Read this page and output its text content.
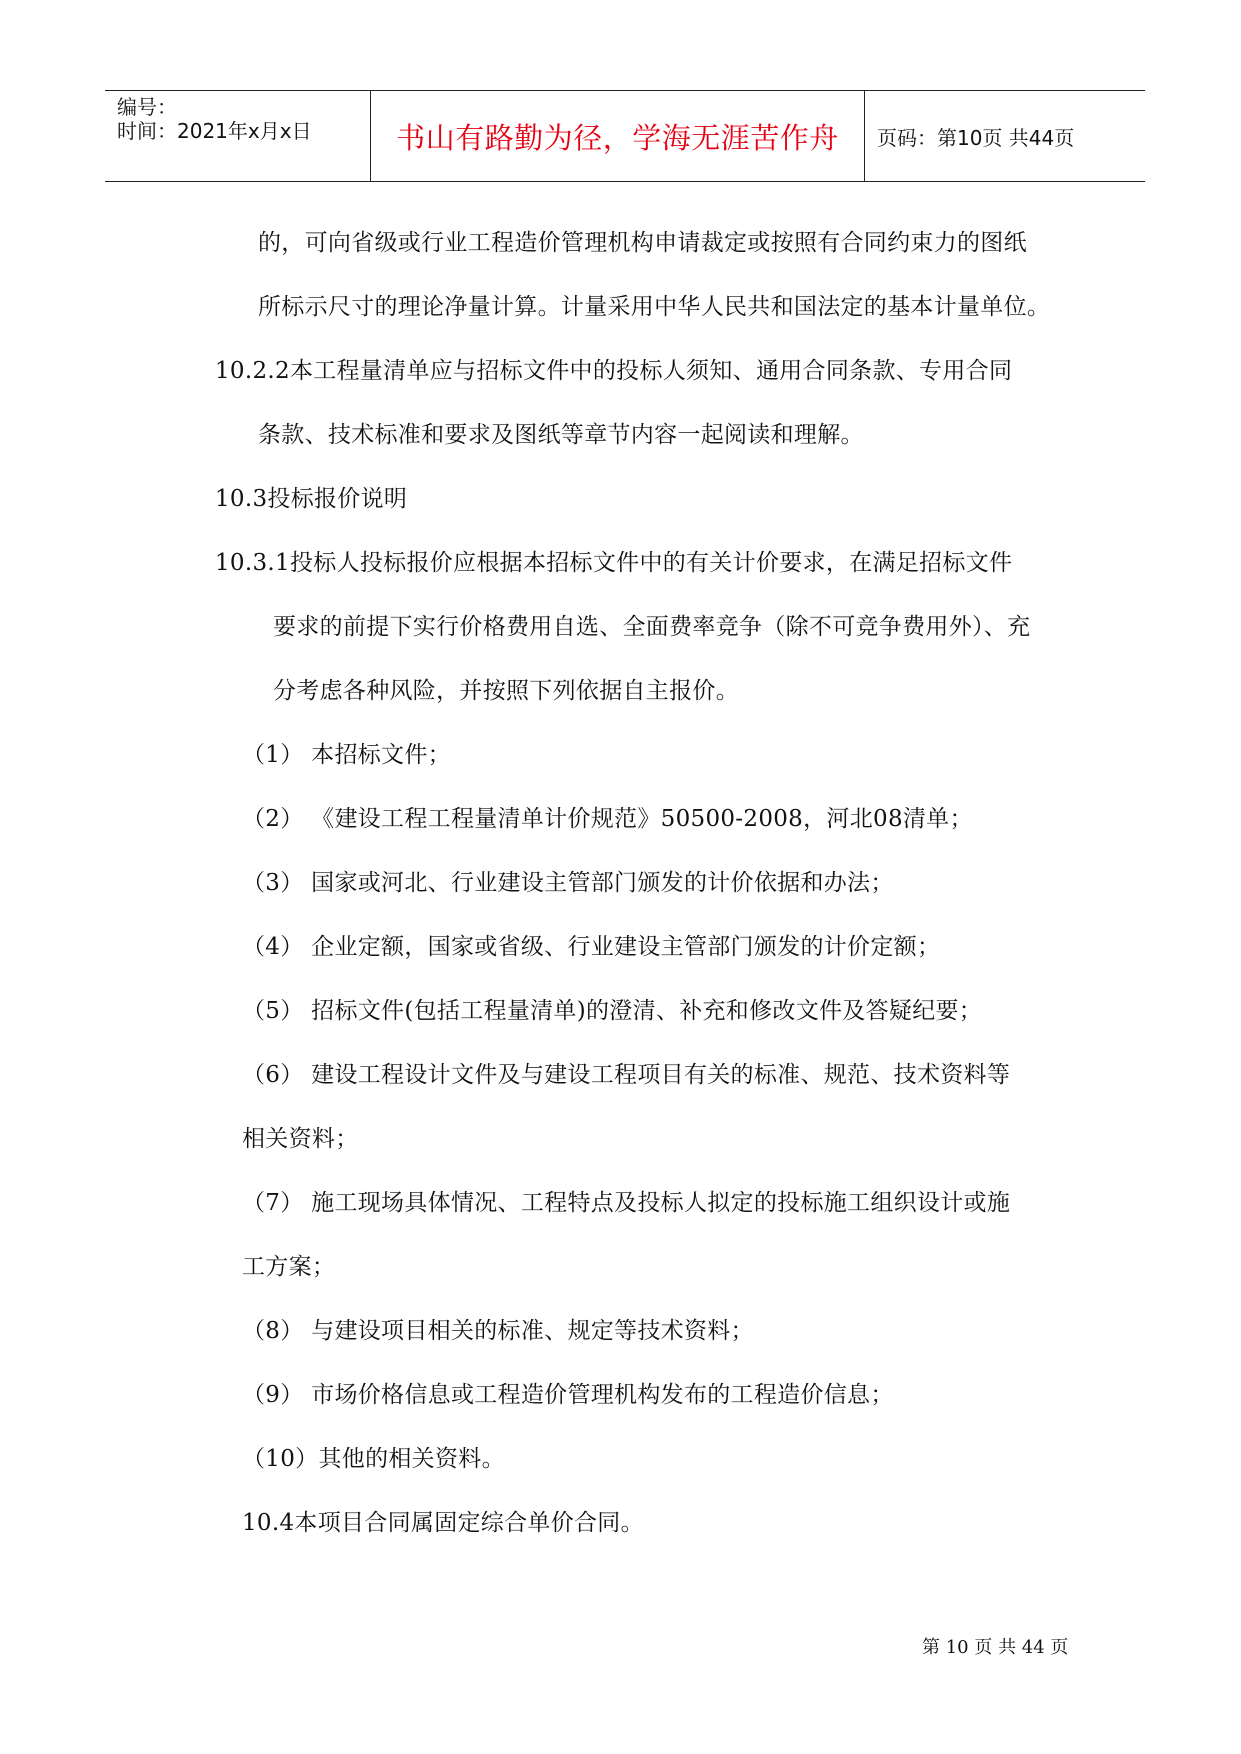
编号：
时间：2021年x月x日	书山有路勤为径，学海无涯苦作舟 页码：第10页 共44页
的，可向省级或行业工程造价管理机构申请裁定或按照有合同约束力的图纸
所标示尺寸的理论净量计算。计量采用中华人民共和国法定的基本计量单位。
10.2.2本工程量清单应与招标文件中的投标人须知、通用合同条款、专用合同
条款、技术标准和要求及图纸等章节内容一起阅读和理解。
10.3投标报价说明
10.3.1投标人投标报价应根据本招标文件中的有关计价要求，在满足招标文件
要求的前提下实行价格费用自选、全面费率竞争（除不可竞争费用外）、充
分考虑各种风险，并按照下列依据自主报价。
（1） 本招标文件；
（2） 《建设工程工程量清单计价规范》50500-2008，河北08清单；
（3） 国家或河北、行业建设主管部门颁发的计价依据和办法；
（4） 企业定额，国家或省级、行业建设主管部门颁发的计价定额；
（5） 招标文件(包括工程量清单)的澄清、补充和修改文件及答疑纪要；
（6） 建设工程设计文件及与建设工程项目有关的标准、规范、技术资料等
相关资料；
（7） 施工现场具体情况、工程特点及投标人拟定的投标施工组织设计或施
工方案；
（8） 与建设项目相关的标准、规定等技术资料；
（9） 市场价格信息或工程造价管理机构发布的工程造价信息；
（10）其他的相关资料。
10.4本项目合同属固定综合单价合同。
第 10 页 共 44 页
